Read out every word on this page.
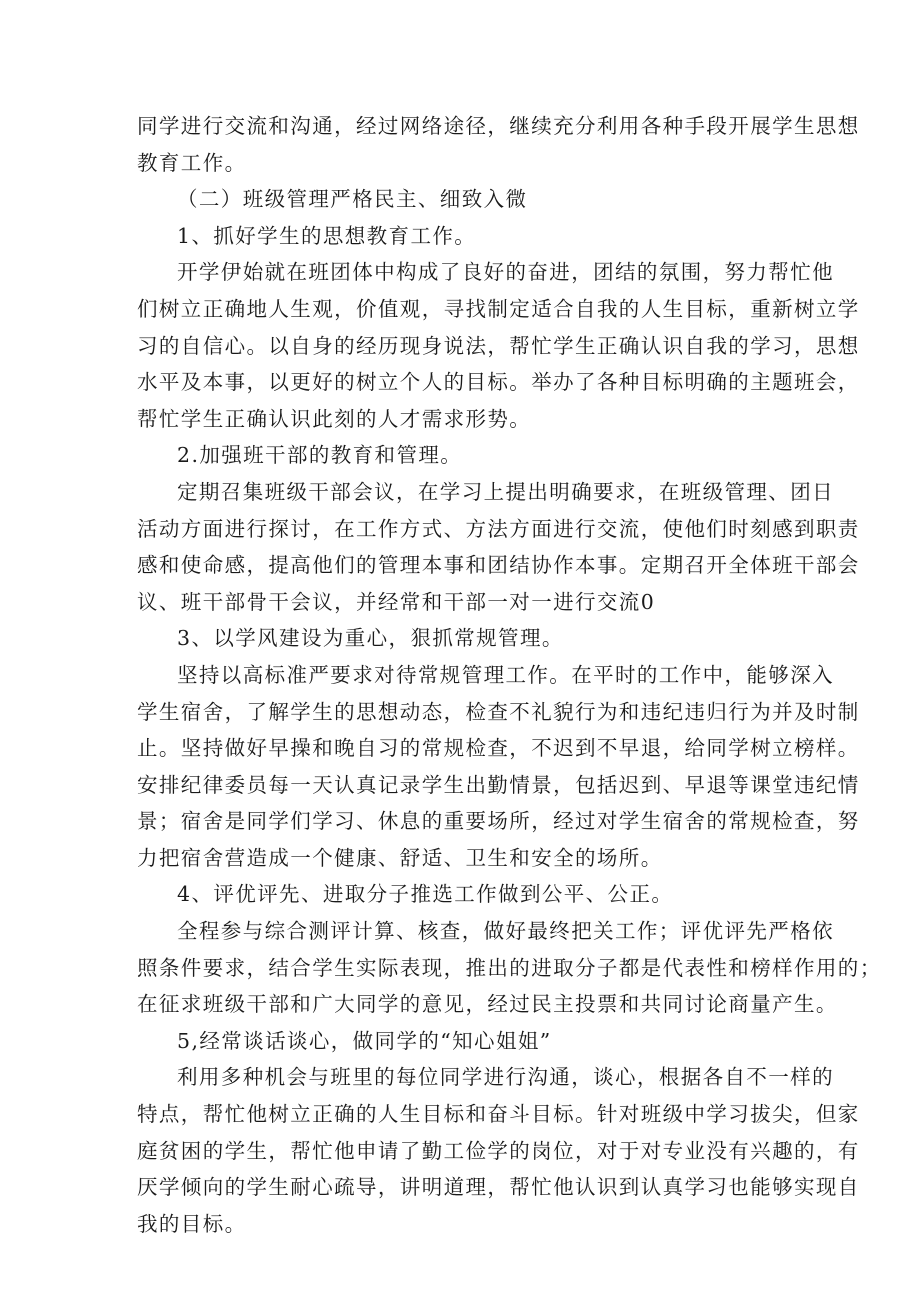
同学进行交流和沟通，经过网络途径，继续充分利用各种手段开展学生思想

教育工作。

（二）班级管理严格民主、细致入微

1、抓好学生的思想教育工作。

开学伊始就在班团体中构成了良好的奋进，团结的氛围，努力帮忙他

们树立正确地人生观，价值观，寻找制定适合自我的人生目标，重新树立学

习的自信心。以自身的经历现身说法，帮忙学生正确认识自我的学习，思想

水平及本事，以更好的树立个人的目标。举办了各种目标明确的主题班会，

帮忙学生正确认识此刻的人才需求形势。

2.加强班干部的教育和管理。

定期召集班级干部会议，在学习上提出明确要求，在班级管理、团日

活动方面进行探讨，在工作方式、方法方面进行交流，使他们时刻感到职责

感和使命感，提高他们的管理本事和团结协作本事。定期召开全体班干部会

议、班干部骨干会议，并经常和干部一对一进行交流0

3、以学风建设为重心，狠抓常规管理。

坚持以高标准严要求对待常规管理工作。在平时的工作中，能够深入

学生宿舍，了解学生的思想动态，检查不礼貌行为和违纪违归行为并及时制

止。坚持做好早操和晚自习的常规检查，不迟到不早退，给同学树立榜样。

安排纪律委员每一天认真记录学生出勤情景，包括迟到、早退等课堂违纪情

景；宿舍是同学们学习、休息的重要场所，经过对学生宿舍的常规检查，努

力把宿舍营造成一个健康、舒适、卫生和安全的场所。

4、评优评先、进取分子推选工作做到公平、公正。

全程参与综合测评计算、核查，做好最终把关工作；评优评先严格依

照条件要求，结合学生实际表现，推出的进取分子都是代表性和榜样作用的；

在征求班级干部和广大同学的意见，经过民主投票和共同讨论商量产生。

5,经常谈话谈心，做同学的“知心姐姐”

利用多种机会与班里的每位同学进行沟通，谈心，根据各自不一样的

特点，帮忙他树立正确的人生目标和奋斗目标。针对班级中学习拔尖，但家

庭贫困的学生，帮忙他申请了勤工俭学的岗位，对于对专业没有兴趣的，有

厌学倾向的学生耐心疏导，讲明道理，帮忙他认识到认真学习也能够实现自

我的目标。
